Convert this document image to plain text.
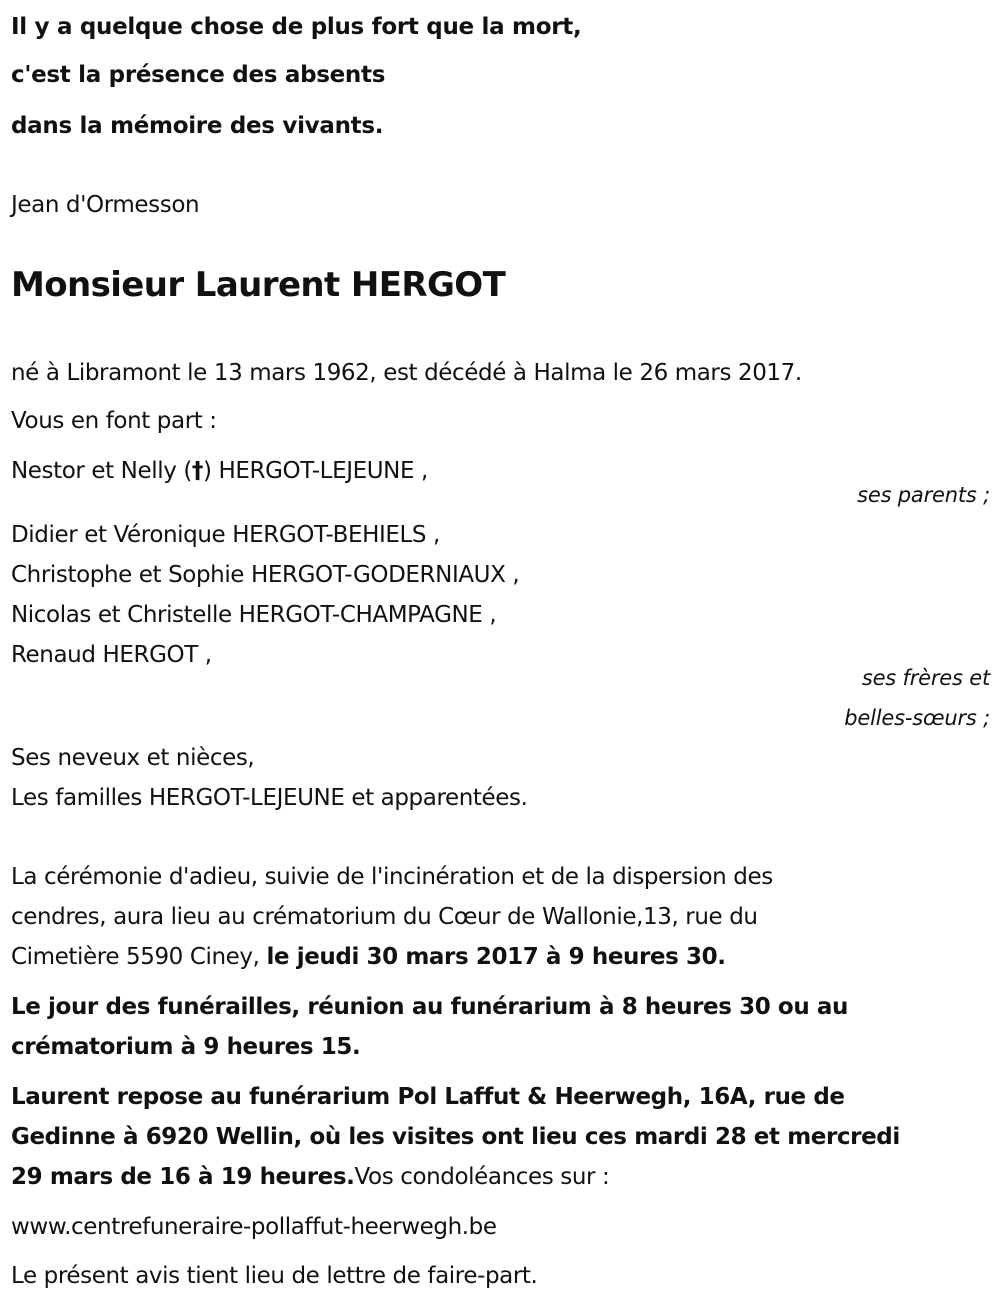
Il y a quelque chose de plus fort que la mort,
c'est la présence des absents
dans la mémoire des vivants.
Jean d'Ormesson
Monsieur Laurent HERGOT
né à Libramont le 13 mars 1962, est décédé à Halma le 26 mars 2017.
Vous en font part :
Nestor et Nelly (†) HERGOT-LEJEUNE ,
ses parents ;
Didier et Véronique HERGOT-BEHIELS ,
Christophe et Sophie HERGOT-GODERNIAUX ,
Nicolas et Christelle HERGOT-CHAMPAGNE ,
Renaud HERGOT ,
ses frères et
belles-sœurs ;
Ses neveux et nièces,
Les familles HERGOT-LEJEUNE et apparentées.
La cérémonie d'adieu, suivie de l'incinération et de la dispersion des
cendres, aura lieu au crématorium du Cœur de Wallonie,13, rue du
Cimetière 5590 Ciney, le jeudi 30 mars 2017 à 9 heures 30.
Le jour des funérailles, réunion au funérarium à 8 heures 30 ou au
crématorium à 9 heures 15.
Laurent repose au funérarium Pol Laffut & Heerwegh, 16A, rue de
Gedinne à 6920 Wellin, où les visites ont lieu ces mardi 28 et mercredi
29 mars de 16 à 19 heures.Vos condoléances sur :
www.centrefuneraire-pollaffut-heerwegh.be
Le présent avis tient lieu de lettre de faire-part.
